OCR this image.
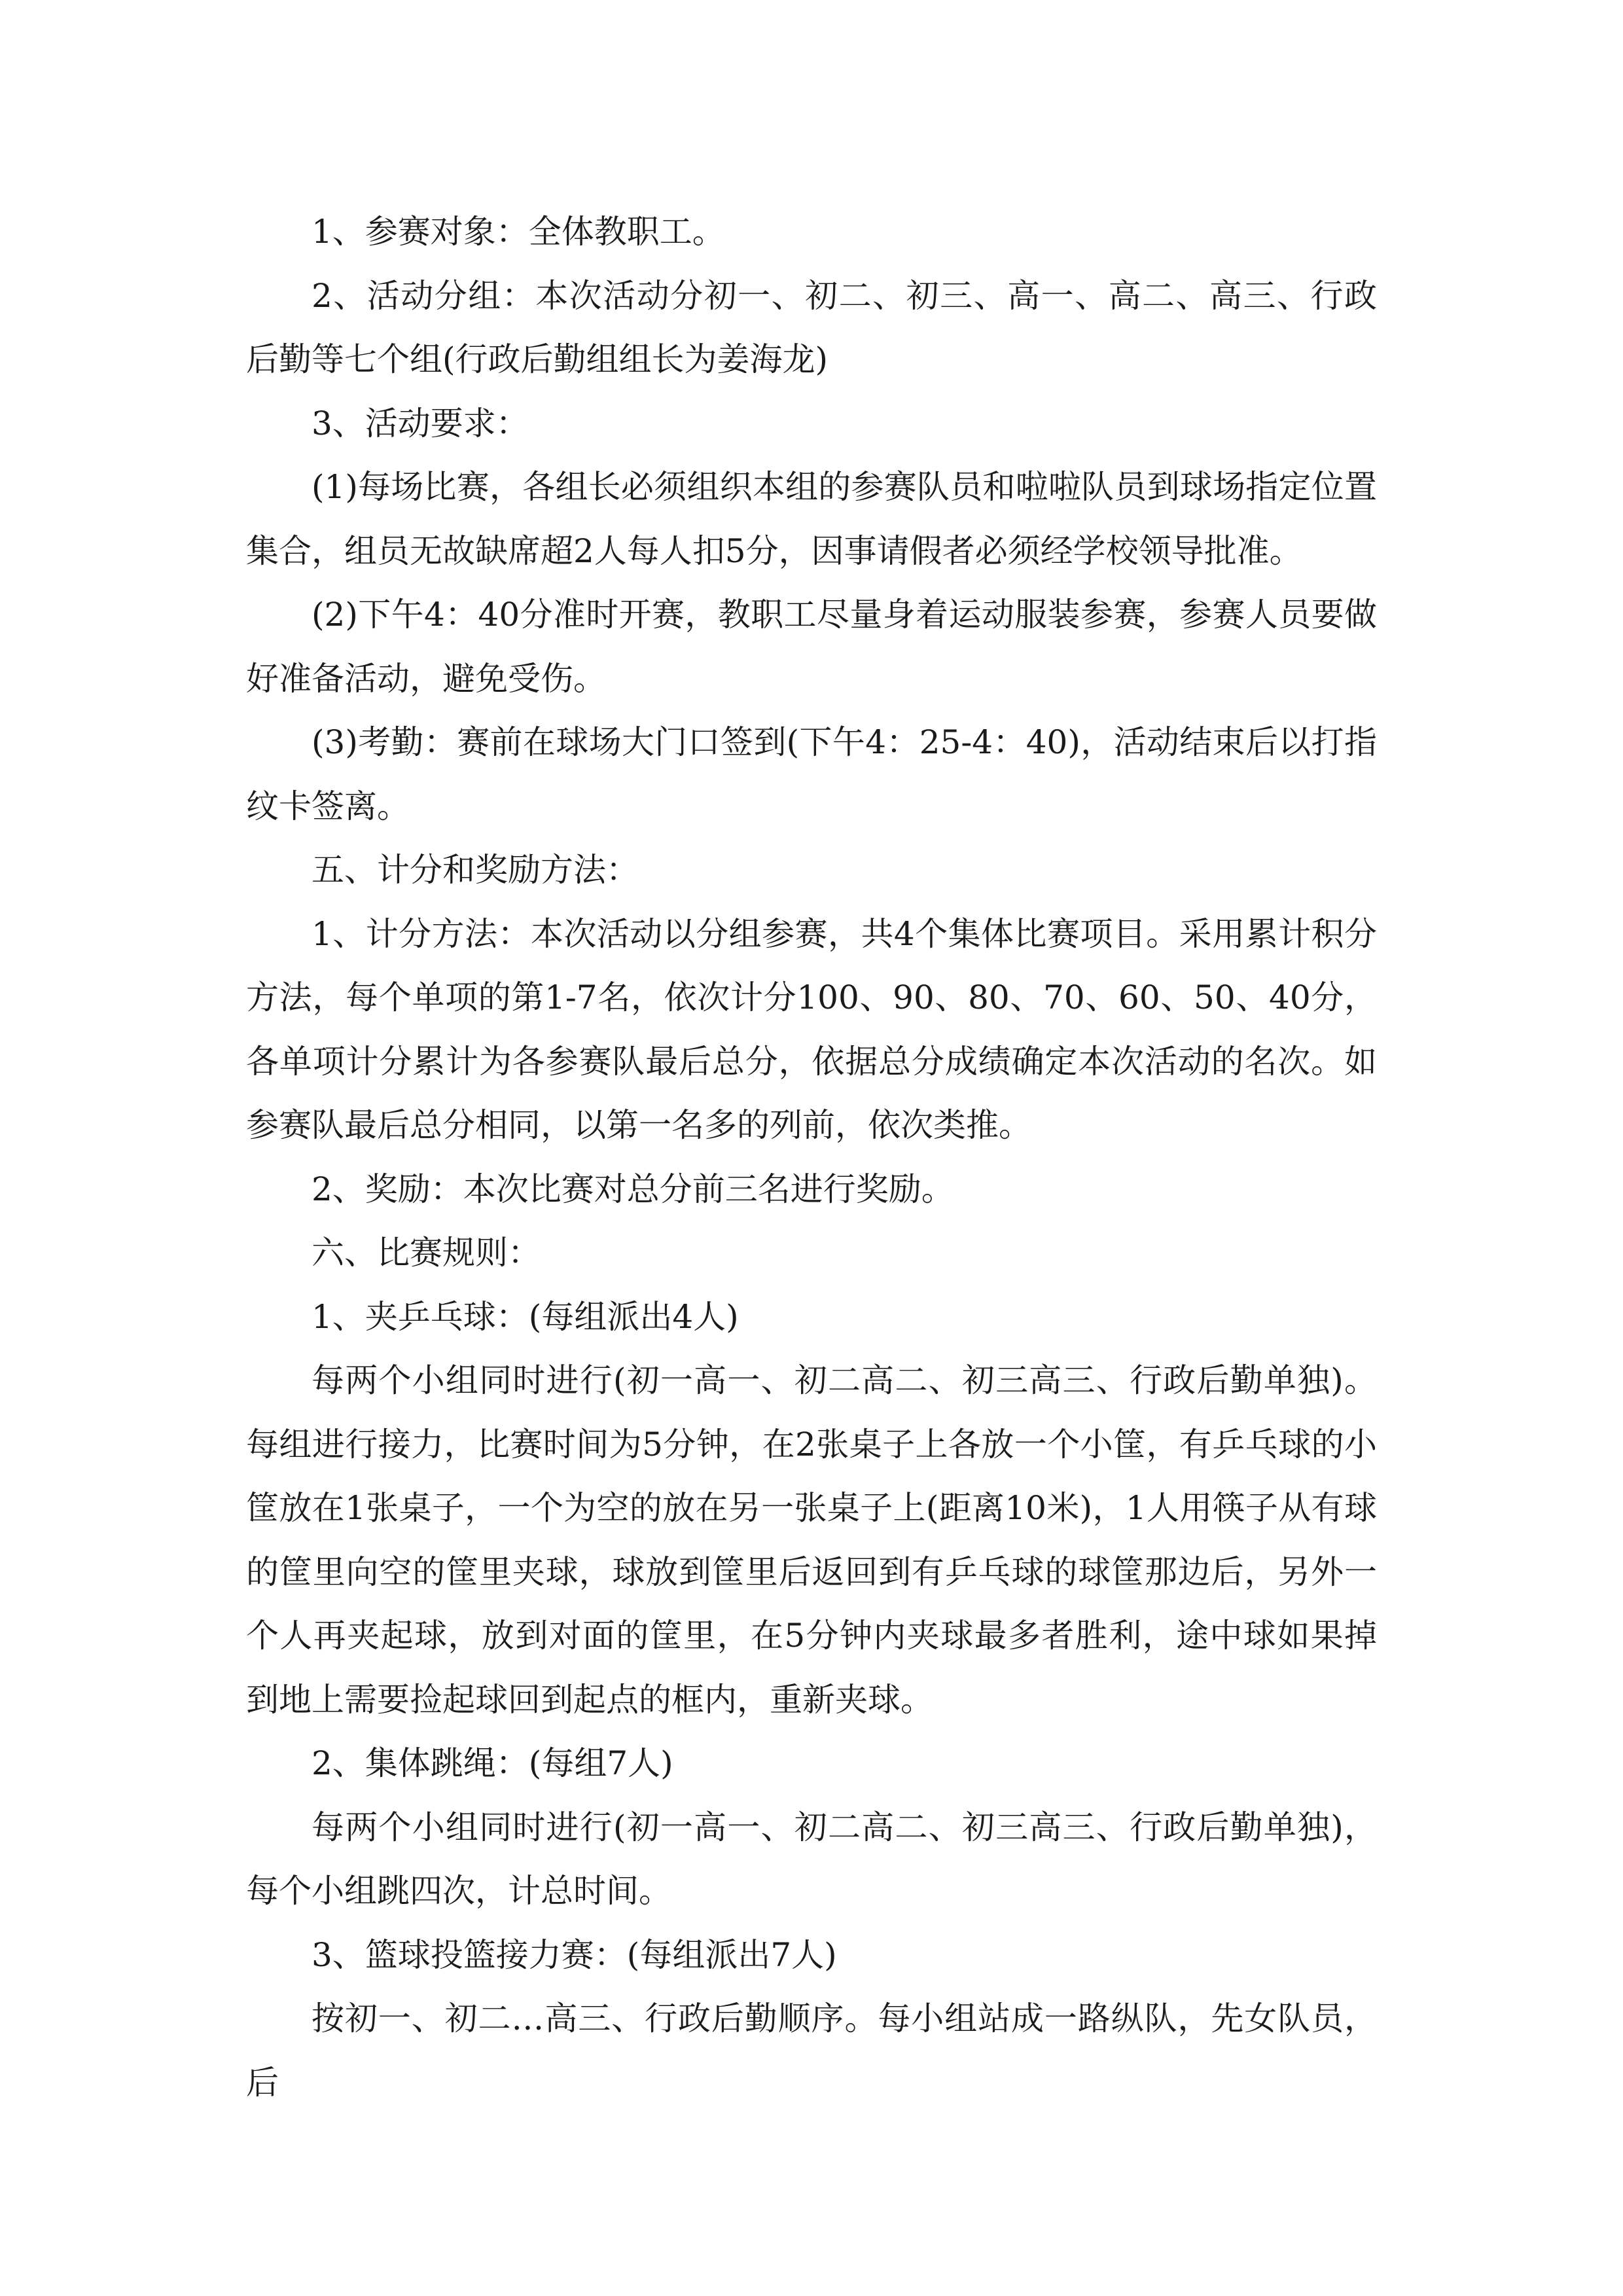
1、参赛对象：全体教职工。

2、活动分组：本次活动分初一、初二、初三、高一、高二、高三、行政后勤等七个组(行政后勤组组长为姜海龙)

3、活动要求：

(1)每场比赛，各组长必须组织本组的参赛队员和啦啦队员到球场指定位置集合，组员无故缺席超2人每人扣5分，因事请假者必须经学校领导批准。

(2)下午4：40分准时开赛，教职工尽量身着运动服装参赛，参赛人员要做好准备活动，避免受伤。

(3)考勤：赛前在球场大门口签到(下午4：25-4：40)，活动结束后以打指纹卡签离。

五、计分和奖励方法：

1、计分方法：本次活动以分组参赛，共4个集体比赛项目。采用累计积分方法，每个单项的第1-7名，依次计分100、90、80、70、60、50、40分，各单项计分累计为各参赛队最后总分，依据总分成绩确定本次活动的名次。如参赛队最后总分相同，以第一名多的列前，依次类推。

2、奖励：本次比赛对总分前三名进行奖励。

六、比赛规则：

1、夹乒乓球：(每组派出4人)

每两个小组同时进行(初一高一、初二高二、初三高三、行政后勤单独)。每组进行接力，比赛时间为5分钟，在2张桌子上各放一个小筐，有乒乓球的小筐放在1张桌子，一个为空的放在另一张桌子上(距离10米)，1人用筷子从有球的筐里向空的筐里夹球，球放到筐里后返回到有乒乓球的球筐那边后，另外一个人再夹起球，放到对面的筐里，在5分钟内夹球最多者胜利，途中球如果掉到地上需要捡起球回到起点的框内，重新夹球。

2、集体跳绳：(每组7人)

每两个小组同时进行(初一高一、初二高二、初三高三、行政后勤单独)，每个小组跳四次，计总时间。

3、篮球投篮接力赛：(每组派出7人)

按初一、初二…高三、行政后勤顺序。每小组站成一路纵队，先女队员，后
